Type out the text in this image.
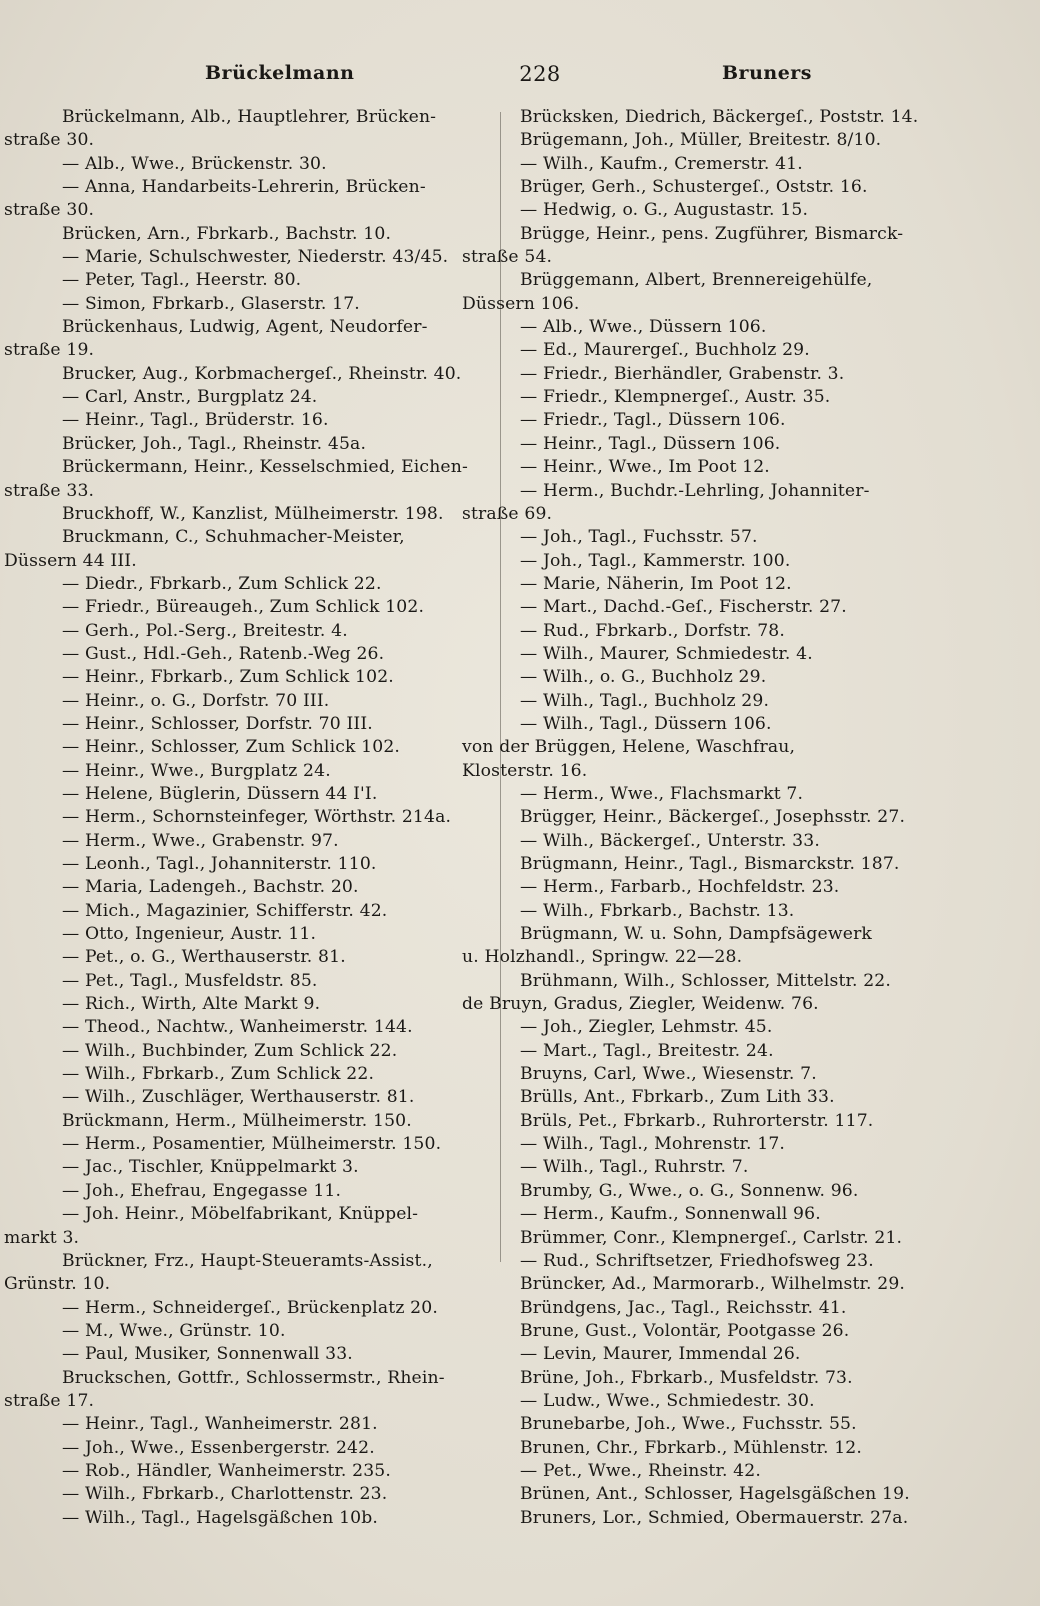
Brückelmann	228	Bruners

Brückelmann, Alb., Hauptlehrer, Brücken-

straße 30.

— Alb., Wwe., Brückenstr. 30.

— Anna, Handarbeits-Lehrerin, Brücken-

straße 30.

Brücken, Arn., Fbrkarb., Bachstr. 10.

— Marie, Schulschwester, Niederstr. 43/45.

— Peter, Tagl., Heerstr. 80.

— Simon, Fbrkarb., Glaserstr. 17.

Brückenhaus, Ludwig, Agent, Neudorfer-

straße 19.

Brucker, Aug., Korbmachergeſ., Rheinstr. 40.

— Carl, Anstr., Burgplatz 24.

— Heinr., Tagl., Brüderstr. 16.

Brücker, Joh., Tagl., Rheinstr. 45a.

Brückermann, Heinr., Kesselschmied, Eichen-

straße 33.

Bruckhoff, W., Kanzlist, Mülheimerstr. 198.

Bruckmann, C., Schuhmacher-Meister,

Düssern 44 III.

— Diedr., Fbrkarb., Zum Schlick 22.

— Friedr., Büreaugeh., Zum Schlick 102.

— Gerh., Pol.-Serg., Breitestr. 4.

— Gust., Hdl.-Geh., Ratenb.-Weg 26.

— Heinr., Fbrkarb., Zum Schlick 102.

— Heinr., o. G., Dorfstr. 70 III.

— Heinr., Schlosser, Dorfstr. 70 III.

— Heinr., Schlosser, Zum Schlick 102.

— Heinr., Wwe., Burgplatz 24.

— Helene, Büglerin, Düssern 44 I'I.

— Herm., Schornsteinfeger, Wörthstr. 214a.

— Herm., Wwe., Grabenstr. 97.

— Leonh., Tagl., Johanniterstr. 110.

— Maria, Ladengeh., Bachstr. 20.

— Mich., Magazinier, Schifferstr. 42.

— Otto, Ingenieur, Austr. 11.

— Pet., o. G., Werthauserstr. 81.

— Pet., Tagl., Musfeldstr. 85.

— Rich., Wirth, Alte Markt 9.

— Theod., Nachtw., Wanheimerstr. 144.

— Wilh., Buchbinder, Zum Schlick 22.

— Wilh., Fbrkarb., Zum Schlick 22.

— Wilh., Zuschläger, Werthauserstr. 81.

Brückmann, Herm., Mülheimerstr. 150.

— Herm., Posamentier, Mülheimerstr. 150.

— Jac., Tischler, Knüppelmarkt 3.

— Joh., Ehefrau, Engegasse 11.

— Joh. Heinr., Möbelfabrikant, Knüppel-

markt 3.

Brückner, Frz., Haupt-Steueramts-Assist.,

Grünstr. 10.

— Herm., Schneidergeſ., Brückenplatz 20.

— M., Wwe., Grünstr. 10.

— Paul, Musiker, Sonnenwall 33.

Bruckschen, Gottfr., Schlossermstr., Rhein-

straße 17.

— Heinr., Tagl., Wanheimerstr. 281.

— Joh., Wwe., Essenbergerstr. 242.

— Rob., Händler, Wanheimerstr. 235.

— Wilh., Fbrkarb., Charlottenstr. 23.

— Wilh., Tagl., Hagelsgäßchen 10b.

Brücksken, Diedrich, Bäckergeſ., Poststr. 14.

Brügemann, Joh., Müller, Breitestr. 8/10.

— Wilh., Kaufm., Cremerstr. 41.

Brüger, Gerh., Schustergeſ., Oststr. 16.

— Hedwig, o. G., Augustastr. 15.

Brügge, Heinr., pens. Zugführer, Bismarck-

straße 54.

Brüggemann, Albert, Brennereigehülfe,

Düssern 106.

— Alb., Wwe., Düssern 106.

— Ed., Maurergeſ., Buchholz 29.

— Friedr., Bierhändler, Grabenstr. 3.

— Friedr., Klempnergeſ., Austr. 35.

— Friedr., Tagl., Düssern 106.

— Heinr., Tagl., Düssern 106.

— Heinr., Wwe., Im Poot 12.

— Herm., Buchdr.-Lehrling, Johanniter-

straße 69.

— Joh., Tagl., Fuchsstr. 57.

— Joh., Tagl., Kammerstr. 100.

— Marie, Näherin, Im Poot 12.

— Mart., Dachd.-Geſ., Fischerstr. 27.

— Rud., Fbrkarb., Dorfstr. 78.

— Wilh., Maurer, Schmiedestr. 4.

— Wilh., o. G., Buchholz 29.

— Wilh., Tagl., Buchholz 29.

— Wilh., Tagl., Düssern 106.

von der Brüggen, Helene, Waschfrau,

Klosterstr. 16.

— Herm., Wwe., Flachsmarkt 7.

Brügger, Heinr., Bäckergeſ., Josephsstr. 27.

— Wilh., Bäckergeſ., Unterstr. 33.

Brügmann, Heinr., Tagl., Bismarckstr. 187.

— Herm., Farbarb., Hochfeldstr. 23.

— Wilh., Fbrkarb., Bachstr. 13.

Brügmann, W. u. Sohn, Dampfsägewerk

u. Holzhandl., Springw. 22—28.

Brühmann, Wilh., Schlosser, Mittelstr. 22.

de Bruyn, Gradus, Ziegler, Weidenw. 76.

— Joh., Ziegler, Lehmstr. 45.

— Mart., Tagl., Breitestr. 24.

Bruyns, Carl, Wwe., Wiesenstr. 7.

Brülls, Ant., Fbrkarb., Zum Lith 33.

Brüls, Pet., Fbrkarb., Ruhrorterstr. 117.

— Wilh., Tagl., Mohrenstr. 17.

— Wilh., Tagl., Ruhrstr. 7.

Brumby, G., Wwe., o. G., Sonnenw. 96.

— Herm., Kaufm., Sonnenwall 96.

Brümmer, Conr., Klempnergeſ., Carlstr. 21.

— Rud., Schriftsetzer, Friedhofsweg 23.

Brüncker, Ad., Marmorarb., Wilhelmstr. 29.

Bründgens, Jac., Tagl., Reichsstr. 41.

Brune, Gust., Volontär, Pootgasse 26.

— Levin, Maurer, Immendal 26.

Brüne, Joh., Fbrkarb., Musfeldstr. 73.

— Ludw., Wwe., Schmiedestr. 30.

Brunebarbe, Joh., Wwe., Fuchsstr. 55.

Brunen, Chr., Fbrkarb., Mühlenstr. 12.

— Pet., Wwe., Rheinstr. 42.

Brünen, Ant., Schlosser, Hagelsgäßchen 19.

Bruners, Lor., Schmied, Obermauerstr. 27a.
